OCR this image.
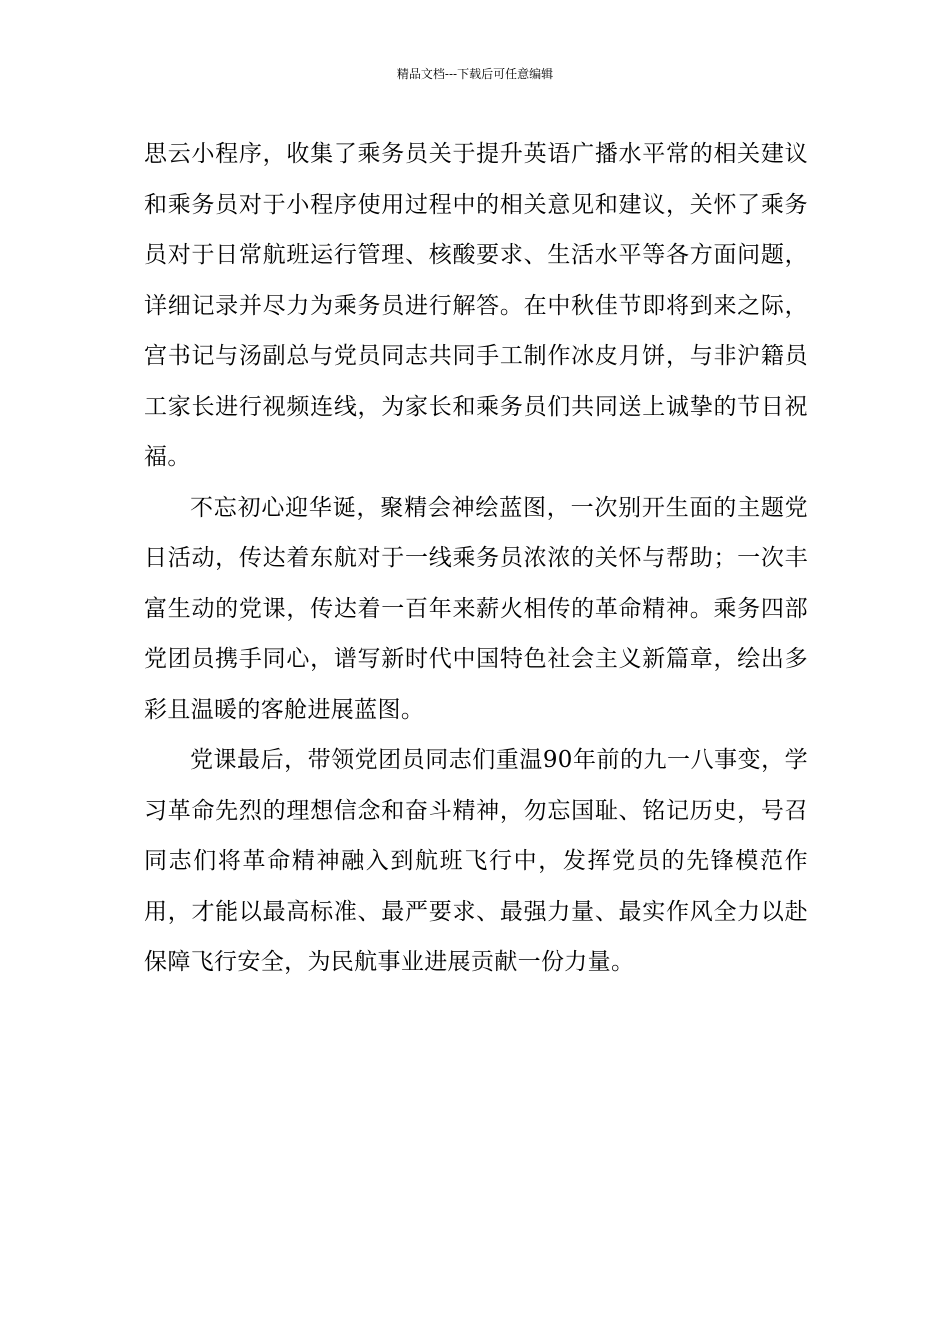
精品文档---下载后可任意编辑

思云小程序，收集了乘务员关于提升英语广播水平常的相关建议和乘务员对于小程序使用过程中的相关意见和建议，关怀了乘务员对于日常航班运行管理、核酸要求、生活水平等各方面问题，详细记录并尽力为乘务员进行解答。在中秋佳节即将到来之际，宫书记与汤副总与党员同志共同手工制作冰皮月饼，与非沪籍员工家长进行视频连线，为家长和乘务员们共同送上诚挚的节日祝福。

不忘初心迎华诞，聚精会神绘蓝图，一次别开生面的主题党日活动，传达着东航对于一线乘务员浓浓的关怀与帮助；一次丰富生动的党课，传达着一百年来薪火相传的革命精神。乘务四部党团员携手同心，谱写新时代中国特色社会主义新篇章，绘出多彩且温暖的客舱进展蓝图。

党课最后，带领党团员同志们重温90年前的九一八事变，学习革命先烈的理想信念和奋斗精神，勿忘国耻、铭记历史，号召同志们将革命精神融入到航班飞行中，发挥党员的先锋模范作用，才能以最高标准、最严要求、最强力量、最实作风全力以赴保障飞行安全，为民航事业进展贡献一份力量。
